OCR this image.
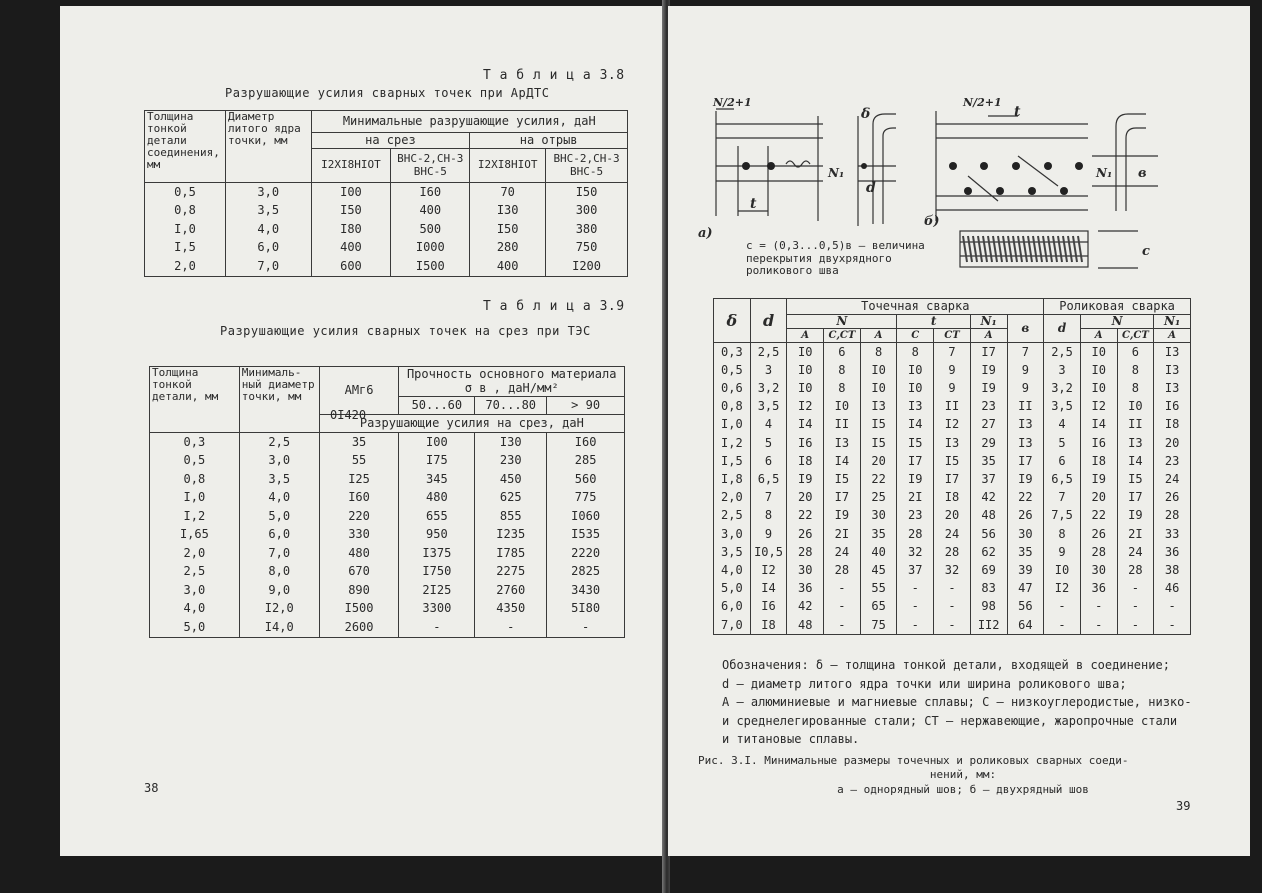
Т а б л и ц а 3.8
Разрушающие усилия сварных точек при АрДТС
Толщина тонкой детали соединения, мм	Диаметр литого ядра точки, мм	Минимальные разрушающие усилия, даН			
		на срез		на отрыв	
		I2XI8HIOT	ВНС-2,СН-3 ВНС-5	I2XI8HIOT	ВНС-2,СН-3 ВНС-5
0,5	3,0	I00	I60	70	I50
0,8	3,5	I50	400	I30	300
I,0	4,0	I80	500	I50	380
I,5	6,0	400	I000	280	750
2,0	7,0	600	I500	400	I200
Т а б л и ц а 3.9
Разрушающие усилия сварных точек на срез при ТЭС
Толщина тонкой детали, мм	Минималь-ный диаметр точки, мм	АМг6	Прочность основного материала
σ в , даН/мм²		

			50...60	70...80	> 90
		Разрушающие усилия на срез, даН			
0,3	2,5	35	I00	I30	I60
0,5	3,0	55	I75	230	285
0,8	3,5	I25	345	450	560
I,0	4,0	I60	480	625	775
I,2	5,0	220	655	855	I060
I,65	6,0	330	950	I235	I535
2,0	7,0	480	I375	I785	2220
2,5	8,0	670	I750	2275	2825
3,0	9,0	890	2I25	2760	3430
4,0	I2,0	I500	3300	4350	5I80
5,0	I4,0	2600	-	-	-
0I420
38
N/2+1	N/2+1
t
t
d
δ
N₁	N₁ в
с
а)
б)
с = (0,3...0,5)в – величина перекрытия двухрядного роликового шва
δ	d	Точечная сварка							Роликовая сварка			
		N			t		N₁	в	d	N		N₁
		А	С,СТ	А	С	СТ	А			А	С,СТ	А
0,3	2,5	I0	6	8	8	7	I7	7	2,5	I0	6	I3
0,5	3	I0	8	I0	I0	9	I9	9	3	I0	8	I3
0,6	3,2	I0	8	I0	I0	9	I9	9	3,2	I0	8	I3
0,8	3,5	I2	I0	I3	I3	II	23	II	3,5	I2	I0	I6
I,0	4	I4	II	I5	I4	I2	27	I3	4	I4	II	I8
I,2	5	I6	I3	I5	I5	I3	29	I3	5	I6	I3	20
I,5	6	I8	I4	20	I7	I5	35	I7	6	I8	I4	23
I,8	6,5	I9	I5	22	I9	I7	37	I9	6,5	I9	I5	24
2,0	7	20	I7	25	2I	I8	42	22	7	20	I7	26
2,5	8	22	I9	30	23	20	48	26	7,5	22	I9	28
3,0	9	26	2I	35	28	24	56	30	8	26	2I	33
3,5	I0,5	28	24	40	32	28	62	35	9	28	24	36
4,0	I2	30	28	45	37	32	69	39	I0	30	28	38
5,0	I4	36	-	55	-	-	83	47	I2	36	-	46
6,0	I6	42	-	65	-	-	98	56	-	-	-	-
7,0	I8	48	-	75	-	-	II2	64	-	-	-	-
Обозначения: δ – толщина тонкой детали, входящей в соединение;
d – диаметр литого ядра точки или ширина роликового шва;
А – алюминиевые и магниевые сплавы; С – низкоуглеродистые, низко-
и среднелегированные стали; СТ – нержавеющие, жаропрочные стали
и титановые сплавы.
Рис. 3.I. Минимальные размеры точечных и роликовых сварных соеди-
нений, мм:
а – однорядный шов; б – двухрядный шов
39
